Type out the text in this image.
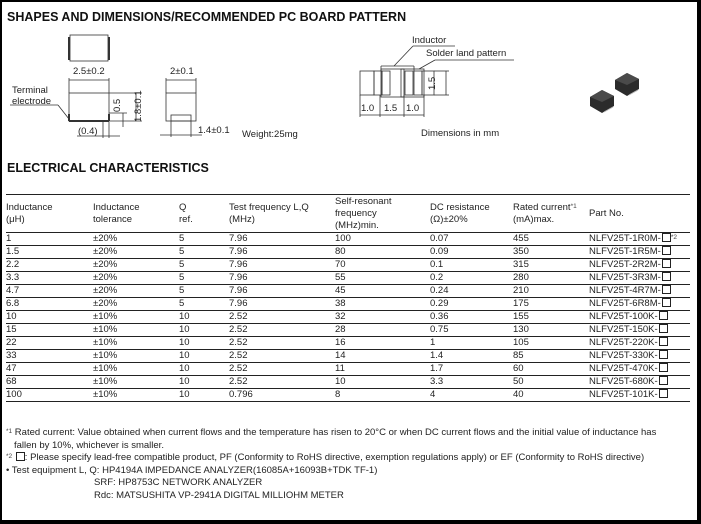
SHAPES AND DIMENSIONS/RECOMMENDED PC BOARD PATTERN
Terminal
electrode
2.5±0.2	2±0.1
0.5 1.8±0.1
(0.4)	1.4±0.1 Weight:25mg
Inductor
Solder land pattern
1.5
1.0 1.5 1.0
Dimensions in mm
ELECTRICAL CHARACTERISTICS
Inductance
(μH)
Inductance
tolerance
Q
ref.
Test frequency L,Q
(MHz)
Self-resonant
frequency
(MHz)min.
DC resistance
(Ω)±20%
Rated current$^{*1}$
(mA)max.
Part No.
1	±20%	5	7.96	100	0.07	455	NLFV25T-1R0M- $^{*2}$
1.5	±20%	5	7.96	80	0.09	350	NLFV25T-1R5M-
2.2	±20%	5	7.96	70	0.1	315	NLFV25T-2R2M-
3.3	±20%	5	7.96	55	0.2	280	NLFV25T-3R3M-
4.7	±20%	5	7.96	45	0.24	210	NLFV25T-4R7M-
6.8	±20%	5	7.96	38	0.29	175	NLFV25T-6R8M-
10	±10%	10	2.52	32	0.36	155	NLFV25T-100K-
15	±10%	10	2.52	28	0.75	130	NLFV25T-150K-
22	±10%	10	2.52	16	1	105	NLFV25T-220K-
33	±10%	10	2.52	14	1.4	85	NLFV25T-330K-
47	±10%	10	2.52	11	1.7	60	NLFV25T-470K-
68	±10%	10	2.52	10	3.3	50	NLFV25T-680K-
100	±10%	10	0.796	8	4	40	NLFV25T-101K-
$^{*1}$ Rated current: Value obtained when current flows and the temperature has risen to 20°C or when DC current flows and the initial value of inductance has
fallen by 10%, whichever is smaller.
$^{*2}$ : Please specify lead-free compatible product, PF (Conformity to RoHS directive, exemption regulations apply) or EF (Conformity to RoHS directive)
• Test equipment L, Q: HP4194A IMPEDANCE ANALYZER(16085A+16093B+TDK TF-1)
SRF: HP8753C NETWORK ANALYZER
Rdc: MATSUSHITA VP-2941A DIGITAL MILLIOHM METER
